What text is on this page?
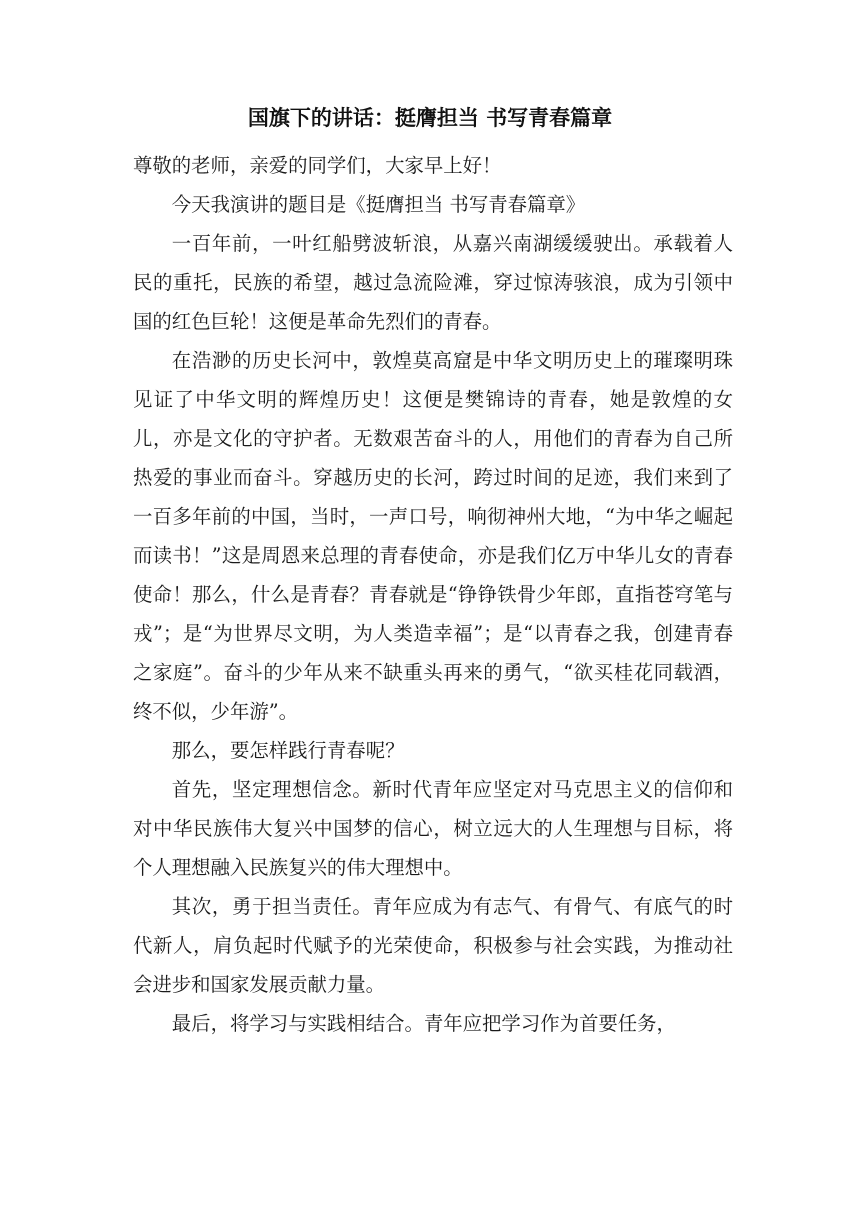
国旗下的讲话：挺膺担当 书写青春篇章

尊敬的老师，亲爱的同学们，大家早上好！

今天我演讲的题目是《挺膺担当 书写青春篇章》

一百年前，一叶红船劈波斩浪，从嘉兴南湖缓缓驶出。承载着人民的重托，民族的希望，越过急流险滩，穿过惊涛骇浪，成为引领中国的红色巨轮！这便是革命先烈们的青春。

在浩渺的历史长河中，敦煌莫高窟是中华文明历史上的璀璨明珠见证了中华文明的辉煌历史！这便是樊锦诗的青春，她是敦煌的女儿，亦是文化的守护者。无数艰苦奋斗的人，用他们的青春为自己所热爱的事业而奋斗。穿越历史的长河，跨过时间的足迹，我们来到了一百多年前的中国，当时，一声口号，响彻神州大地，“为中华之崛起而读书！”这是周恩来总理的青春使命，亦是我们亿万中华儿女的青春使命！那么，什么是青春？青春就是“铮铮铁骨少年郎，直指苍穹笔与戎”；是“为世界尽文明，为人类造幸福”；是“以青春之我，创建青春之家庭”。奋斗的少年从来不缺重头再来的勇气，“欲买桂花同载酒，终不似，少年游”。

那么，要怎样践行青春呢？

首先，坚定理想信念。新时代青年应坚定对马克思主义的信仰和对中华民族伟大复兴中国梦的信心，树立远大的人生理想与目标，将个人理想融入民族复兴的伟大理想中。

其次，勇于担当责任。青年应成为有志气、有骨气、有底气的时代新人，肩负起时代赋予的光荣使命，积极参与社会实践，为推动社会进步和国家发展贡献力量。

最后，将学习与实践相结合。青年应把学习作为首要任务，
